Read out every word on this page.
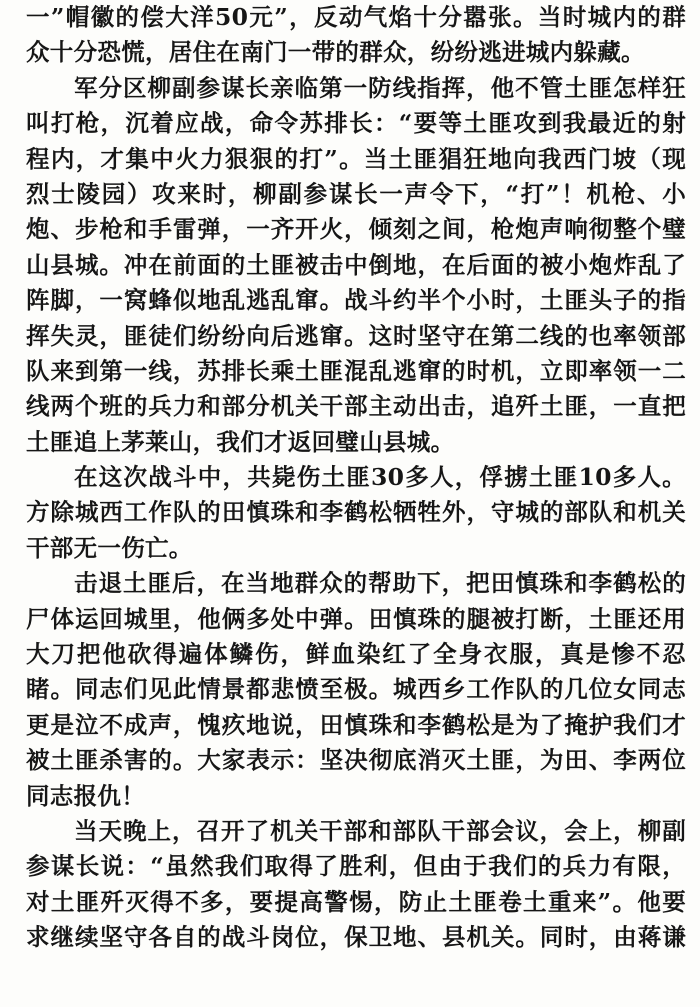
一”帽徽的偿大洋50元”，反动气焰十分嚣张。当时城内的群
众十分恐慌，居住在南门一带的群众，纷纷逃进城内躲藏。
军分区柳副参谋长亲临第一防线指挥，他不管土匪怎样狂
叫打枪，沉着应战，命令苏排长：“要等土匪攻到我最近的射
程内，才集中火力狠狠的打”。当土匪猖狂地向我西门坡（现
烈士陵园）攻来时，柳副参谋长一声令下，“打”！机枪、小
炮、步枪和手雷弹，一齐开火，倾刻之间，枪炮声响彻整个璧
山县城。冲在前面的土匪被击中倒地，在后面的被小炮炸乱了
阵脚，一窝蜂似地乱逃乱窜。战斗约半个小时，土匪头子的指
挥失灵，匪徒们纷纷向后逃窜。这时坚守在第二线的也率领部
队来到第一线，苏排长乘土匪混乱逃窜的时机，立即率领一二
线两个班的兵力和部分机关干部主动出击，追歼土匪，一直把
土匪追上茅莱山，我们才返回璧山县城。
在这次战斗中，共毙伤土匪30多人，俘掳土匪10多人。
方除城西工作队的田慎珠和李鹤松牺牲外，守城的部队和机关
干部无一伤亡。
击退土匪后，在当地群众的帮助下，把田慎珠和李鹤松的
尸体运回城里，他俩多处中弹。田慎珠的腿被打断，土匪还用
大刀把他砍得遍体鳞伤，鲜血染红了全身衣服，真是惨不忍
睹。同志们见此情景都悲愤至极。城西乡工作队的几位女同志
更是泣不成声，愧疚地说，田慎珠和李鹤松是为了掩护我们才
被土匪杀害的。大家表示：坚决彻底消灭土匪，为田、李两位
同志报仇！
当天晚上，召开了机关干部和部队干部会议，会上，柳副
参谋长说：“虽然我们取得了胜利，但由于我们的兵力有限，
对土匪歼灭得不多，要提高警惕，防止土匪卷土重来”。他要
求继续坚守各自的战斗岗位，保卫地、县机关。同时，由蒋谦
